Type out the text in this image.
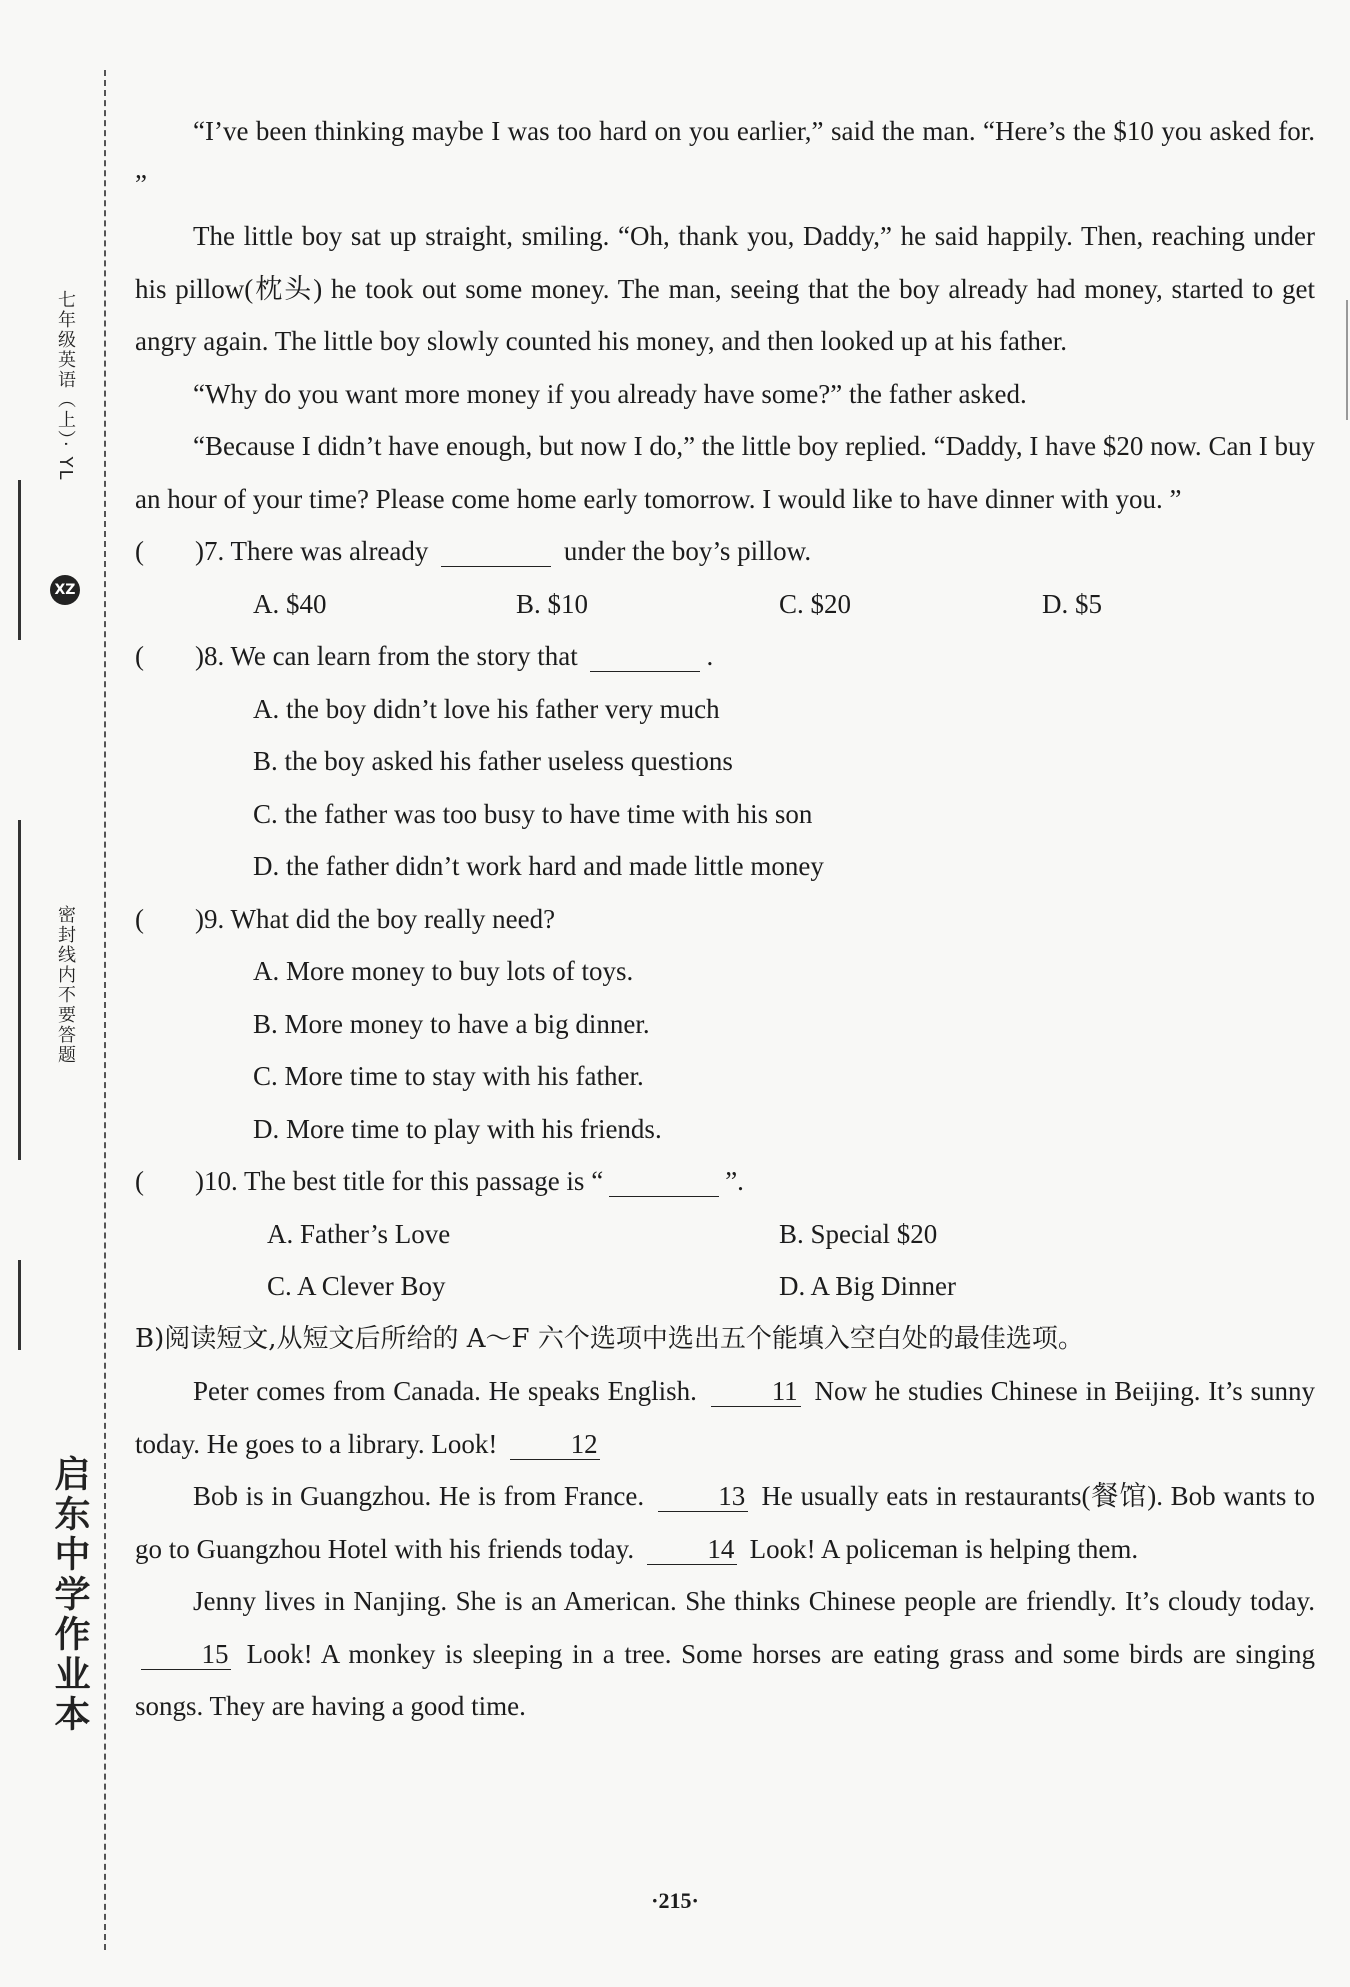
七年级英语（上）· YL
XZ
密封线内不要答题
启东中学作业本

“I’ve been thinking maybe I was too hard on you earlier,” said the man. “Here’s the $10 you asked for. ”

The little boy sat up straight, smiling. “Oh, thank you, Daddy,” he said happily. Then, reaching under his pillow(枕头) he took out some money. The man, seeing that the boy already had money, started to get angry again. The little boy slowly counted his money, and then looked up at his father.

“Why do you want more money if you already have some?” the father asked.

“Because I didn’t have enough, but now I do,” the little boy replied. “Daddy, I have $20 now. Can I buy an hour of your time? Please come home early tomorrow. I would like to have dinner with you. ”

( )7. There was already	under the boy’s pillow.

A. $40	B. $10	C. $20	D. $5

( )8. We can learn from the story that	.

A. the boy didn’t love his father very much

B. the boy asked his father useless questions

C. the father was too busy to have time with his son

D. the father didn’t work hard and made little money

( )9. What did the boy really need?

A. More money to buy lots of toys.

B. More money to have a big dinner.

C. More time to stay with his father.

D. More time to play with his friends.

( )10. The best title for this passage is “	”.

A. Father’s Love	B. Special $20
C. A Clever Boy	D. A Big Dinner

B)阅读短文,从短文后所给的 A～F 六个选项中选出五个能填入空白处的最佳选项。

Peter comes from Canada. He speaks English.	11 Now he studies Chinese in Beijing. It’s sunny today. He goes to a library. Look!	12

Bob is in Guangzhou. He is from France.	13 He usually eats in restaurants(餐馆). Bob wants to go to Guangzhou Hotel with his friends today.	14 Look! A policeman is helping them.

Jenny lives in Nanjing. She is an American. She thinks Chinese people are friendly. It’s cloudy today. 15 Look! A monkey is sleeping in a tree. Some horses are eating grass and some birds are singing songs. They are having a good time.

·215·
